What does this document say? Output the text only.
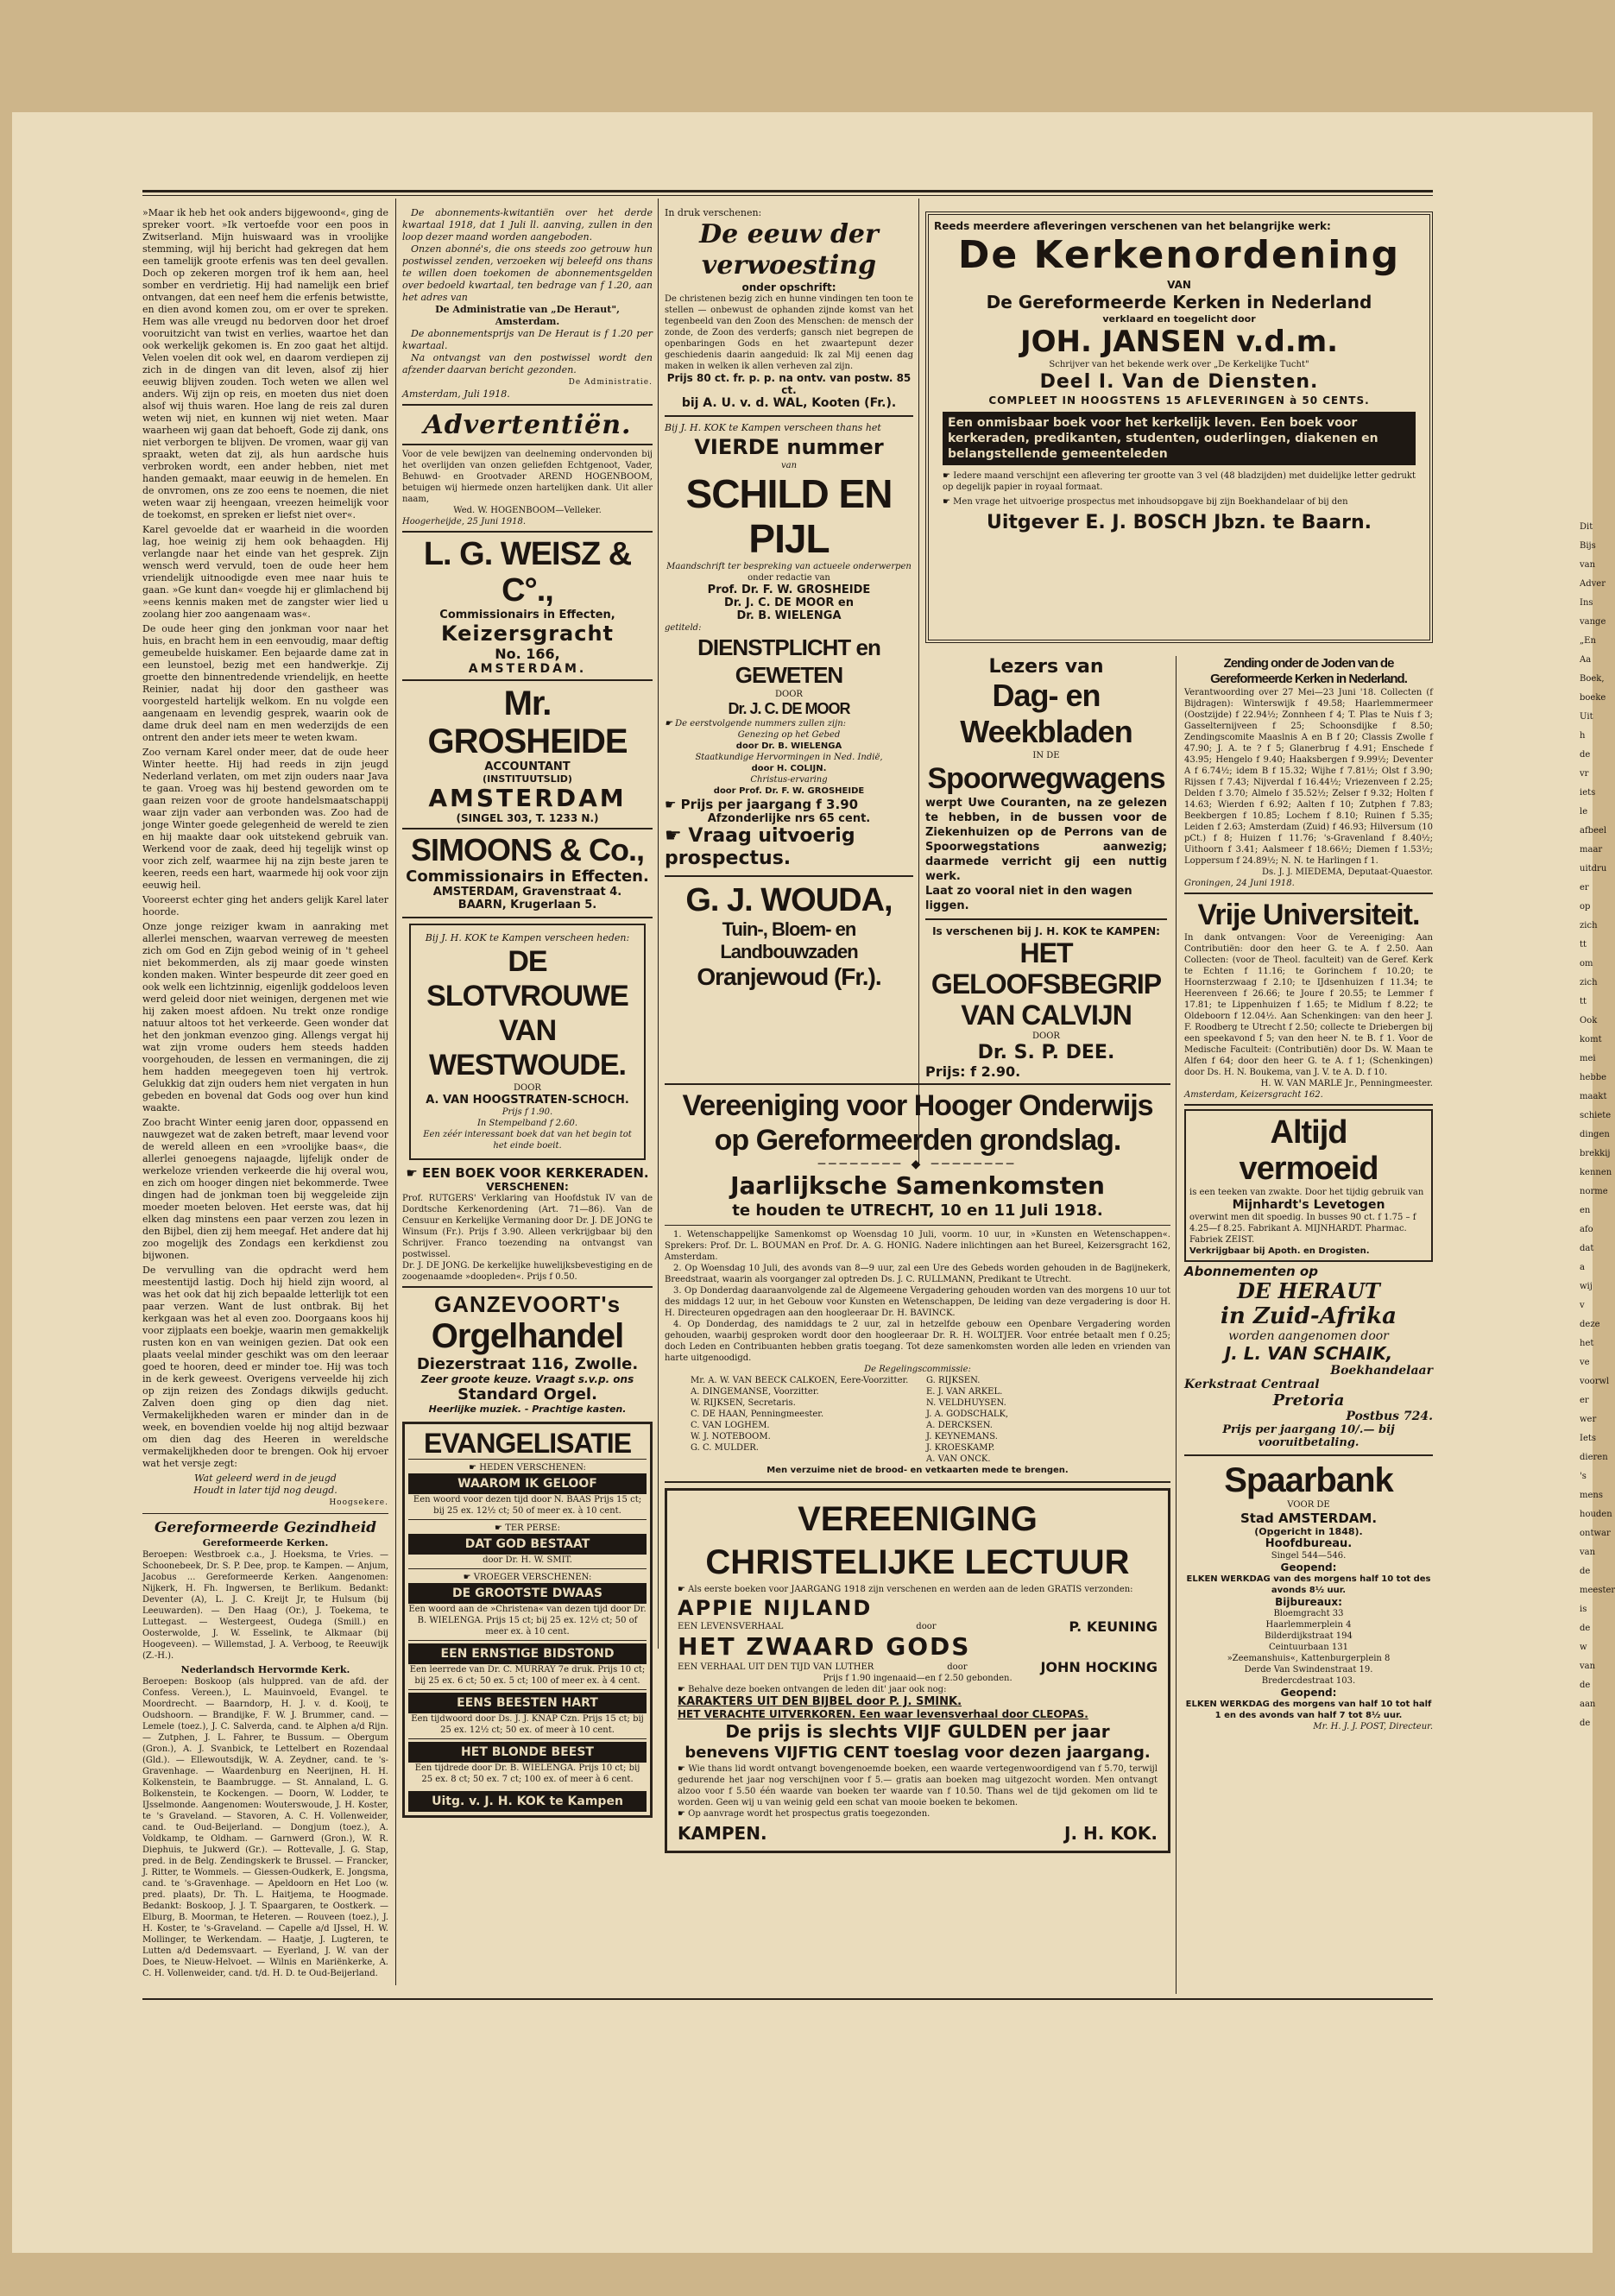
»Maar ik heb het ook anders bijgewoond«, ging de spreker voort. »Ik vertoefde voor een poos in Zwitserland. Mijn huiswaard was in vroolijke stemming, wijl hij bericht had gekregen dat hem een tamelijk groote erfenis was ten deel gevallen. Doch op zekeren morgen trof ik hem aan, heel somber en verdrietig. Hij had namelijk een brief ontvangen, dat een neef hem die erfenis betwistte, en dien avond komen zou, om er over te spreken. Hem was alle vreugd nu bedorven door het droef vooruitzicht van twist en verlies, waartoe het dan ook werkelijk gekomen is. En zoo gaat het altijd. Velen voelen dit ook wel, en daarom verdiepen zij zich in de dingen van dit leven, alsof zij hier eeuwig blijven zouden. Toch weten we allen wel anders. Wij zijn op reis, en moeten dus niet doen alsof wij thuis waren. Hoe lang de reis zal duren weten wij niet, en kunnen wij niet weten. Maar waarheen wij gaan dat behoeft, Gode zij dank, ons niet verborgen te blijven. De vromen, waar gij van spraakt, weten dat zij, als hun aardsche huis verbroken wordt, een ander hebben, niet met handen gemaakt, maar eeuwig in de hemelen. En de onvromen, ons ze zoo eens te noemen, die niet weten waar zij heengaan, vreezen heimelijk voor de toekomst, en spreken er liefst niet over«.

Karel gevoelde dat er waarheid in die woorden lag, hoe weinig zij hem ook behaagden. Hij verlangde naar het einde van het gesprek. Zijn wensch werd vervuld, toen de oude heer hem vriendelijk uitnoodigde even mee naar huis te gaan. »Ge kunt dan« voegde hij er glimlachend bij »eens kennis maken met de zangster wier lied u zoolang hier zoo aangenaam was«.

De oude heer ging den jonkman voor naar het huis, en bracht hem in een eenvoudig, maar deftig gemeubelde huiskamer. Een bejaarde dame zat in een leunstoel, bezig met een handwerkje. Zij groette den binnentredende vriendelijk, en heette Reinier, nadat hij door den gastheer was voorgesteld hartelijk welkom. En nu volgde een aangenaam en levendig gesprek, waarin ook de dame druk deel nam en men wederzijds de een ontrent den ander iets meer te weten kwam.

Zoo vernam Karel onder meer, dat de oude heer Winter heette. Hij had reeds in zijn jeugd Nederland verlaten, om met zijn ouders naar Java te gaan. Vroeg was hij bestend geworden om te gaan reizen voor de groote handelsmaatschappij waar zijn vader aan verbonden was. Zoo had de jonge Winter goede gelegenheid de wereld te zien en hij maakte daar ook uitstekend gebruik van. Werkend voor de zaak, deed hij tegelijk winst op voor zich zelf, waarmee hij na zijn beste jaren te keeren, reeds een hart, waarmede hij ook voor zijn eeuwig heil.

Vooreerst echter ging het anders gelijk Karel later hoorde.

Onze jonge reiziger kwam in aanraking met allerlei menschen, waarvan verreweg de meesten zich om God en Zijn gebod weinig of in 't geheel niet bekommerden, als zij maar goede winsten konden maken. Winter bespeurde dit zeer goed en ook welk een lichtzinnig, eigenlijk goddeloos leven werd geleid door niet weinigen, dergenen met wie hij zaken moest afdoen. Nu trekt onze rondige natuur altoos tot het verkeerde. Geen wonder dat het den jonkman evenzoo ging. Allengs vergat hij wat zijn vrome ouders hem steeds hadden voorgehouden, de lessen en vermaningen, die zij hem hadden meegegeven toen hij vertrok. Gelukkig dat zijn ouders hem niet vergaten in hun gebeden en bovenal dat Gods oog over hun kind waakte.

Zoo bracht Winter eenig jaren door, oppassend en nauwgezet wat de zaken betreft, maar levend voor de wereld alleen en een »vroolijke baas«, die allerlei genoegens najaagde, lijfelijk onder de werkeloze vrienden verkeerde die hij overal wou, en zich om hooger dingen niet bekommerde. Twee dingen had de jonkman toen bij weggeleide zijn moeder moeten beloven. Het eerste was, dat hij elken dag minstens een paar verzen zou lezen in den Bijbel, dien zij hem meegaf. Het andere dat hij zoo mogelijk des Zondags een kerkdienst zou bijwonen.

De vervulling van die opdracht werd hem meestentijd lastig. Doch hij hield zijn woord, al was het ook dat hij zich bepaalde letterlijk tot een paar verzen. Want de lust ontbrak. Bij het kerkgaan was het al even zoo. Doorgaans koos hij voor zijplaats een boekje, waarin men gemakkelijk rusten kon en van weinigen gezien. Dat ook een plaats veelal minder geschikt was om den leeraar goed te hooren, deed er minder toe. Hij was toch in de kerk geweest. Overigens verveelde hij zich op zijn reizen des Zondags dikwijls geducht. Zalven doen ging op dien dag niet. Vermakelijkheden waren er minder dan in de week, en bovendien voelde hij nog altijd bezwaar om dien dag des Heeren in wereldsche vermakelijkheden door te brengen. Ook hij ervoer wat het versje zegt:

Wat geleerd werd in de jeugd
Houdt in later tijd nog deugd.
Hoogsekere.
Gereformeerde Gezindheid
Gereformeerde Kerken.

Beroepen: Westbroek c.a., J. Hoeksma, te Vries. — Schoonebeek, Dr. S. P. Dee, prop. te Kampen. — Anjum, Jacobus ... Gereformeerde Kerken. Aangenomen: Nijkerk, H. Fh. Ingwersen, te Berlikum. Bedankt: Deventer (A), L. J. C. Kreijt Jr, te Hulsum (bij Leeuwarden). — Den Haag (Or.), J. Toekema, te Luttegast. — Westergeest, Oudega (Smill.) en Oosterwolde, J. W. Esselink, te Alkmaar (bij Hoogeveen). — Willemstad, J. A. Verboog, te Reeuwijk (Z.-H.).

Nederlandsch Hervormde Kerk.

Beroepen: Boskoop (als hulppred. van de afd. der Confess. Vereen.), L. Mauinvoeld, Evangel. te Moordrecht. — Baarndorp, H. J. v. d. Kooij, te Oudshoorn. — Brandijke, F. W. J. Brummer, cand. — Lemele (toez.), J. C. Salverda, cand. te Alphen a/d Rijn. — Zutphen, J. L. Fahrer, te Bussum. — Obergum (Gron.), A. J. Svanbick, te Lettelbert en Rozendaal (Gld.). — Ellewoutsdijk, W. A. Zeydner, cand. te 's-Gravenhage. — Waardenburg en Neerijnen, H. H. Kolkenstein, te Baambrugge. — St. Annaland, L. G. Bolkenstein, te Kockengen. — Doorn, W. Lodder, te IJsselmonde. Aangenomen: Wouterswoude, J. H. Koster, te 's Graveland. — Stavoren, A. C. H. Vollenweider, cand. te Oud-Beijerland. — Dongjum (toez.), A. Voldkamp, te Oldham. — Garnwerd (Gron.), W. R. Diephuis, te Jukwerd (Gr.). — Rottevalle, J. G. Stap, pred. in de Belg. Zendingskerk te Brussel. — Francker, J. Ritter, te Wommels. — Giessen-Oudkerk, E. Jongsma, cand. te 's-Gravenhage. — Apeldoorn en Het Loo (w. pred. plaats), Dr. Th. L. Haitjema, te Hoogmade. Bedankt: Boskoop, J. J. T. Spaargaren, te Oostkerk. — Elburg, B. Moorman, te Heteren. — Rouveen (toez.), J. H. Koster, te 's-Graveland. — Capelle a/d IJssel, H. W. Mollinger, te Werkendam. — Haatje, J. Lugteren, te Lutten a/d Dedemsvaart. — Eyerland, J. W. van der Does, te Nieuw-Helvoet. — Wilnis en Mariënkerke, A. C. H. Vollenweider, cand. t/d. H. D. te Oud-Beijerland.

De abonnements-kwitantiën over het derde kwartaal 1918, dat 1 Juli ll. aanving, zullen in den loop dezer maand worden aangeboden.
Onzen abonné's, die ons steeds zoo getrouw hun postwissel zenden, verzoeken wij beleefd ons thans te willen doen toekomen de abonnementsgelden over bedoeld kwartaal, ten bedrage van f 1.20, aan het adres van
De Administratie van „De Heraut", Amsterdam.
De abonnementsprijs van De Heraut is f 1.20 per kwartaal.
Na ontvangst van den postwissel wordt den afzender daarvan bericht gezonden.
De Administratie.
Amsterdam, Juli 1918.
Advertentiën.
Voor de vele bewijzen van deelneming ondervonden bij het overlijden van onzen geliefden Echtgenoot, Vader, Behuwd- en Grootvader AREND HOGENBOOM, betuigen wij hiermede onzen hartelijken dank. Uit aller naam,
Wed. W. HOGENBOOM—Velleker.
Hoogerheijde, 25 Juni 1918.
L. G. WEISZ & C°.,
Commissionairs in Effecten,
Keizersgracht
No. 166,
AMSTERDAM.
Mr. GROSHEIDE
ACCOUNTANT
(INSTITUUTSLID)
AMSTERDAM
(SINGEL 303, T. 1233 N.)
SIMOONS & Co.,
Commissionairs in Effecten.
AMSTERDAM, Gravenstraat 4.
BAARN, Krugerlaan 5.
Bij J. H. KOK te Kampen verscheen heden:
DE SLOTVROUWE
VAN WESTWOUDE.
DOOR
A. VAN HOOGSTRATEN-SCHOCH.
Prijs f 1.90.
In Stempelband f 2.60.
Een zéér interessant boek dat van het begin tot het einde boeit.
☛ EEN BOEK VOOR KERKERADEN.
VERSCHENEN:
Prof. RUTGERS' Verklaring van Hoofdstuk IV van de Dordtsche Kerkenordening (Art. 71—86). Van de Censuur en Kerkelijke Vermaning door Dr. J. DE JONG te Winsum (Fr.). Prijs f 3.90. Alleen verkrijgbaar bij den Schrijver. Franco toezending na ontvangst van postwissel.
Dr. J. DE JONG. De kerkelijke huwelijksbevestiging en de zoogenaamde »doopleden«. Prijs f 0.50.
GANZEVOORT's
Orgelhandel
Diezerstraat 116, Zwolle.
Zeer groote keuze. Vraagt s.v.p. ons
Standard Orgel.
Heerlijke muziek. - Prachtige kasten.
EVANGELISATIE
☛ HEDEN VERSCHENEN:
WAAROM IK GELOOF
Een woord voor dezen tijd door N. BAAS Prijs 15 ct; bij 25 ex. 12½ ct; 50 of meer ex. à 10 cent.
☛ TER PERSE:
DAT GOD BESTAAT
door Dr. H. W. SMIT.
☛ VROEGER VERSCHENEN:
DE GROOTSTE DWAAS
Een woord aan de »Christena« van dezen tijd door Dr. B. WIELENGA. Prijs 15 ct; bij 25 ex. 12½ ct; 50 of meer ex. à 10 cent.
EEN ERNSTIGE BIDSTOND
Een leerrede van Dr. C. MURRAY 7e druk. Prijs 10 ct; bij 25 ex. 6 ct; 50 ex. 5 ct; 100 of meer ex. à 4 cent.
EENS BEESTEN HART
Een tijdwoord door Ds. J. J. KNAP Czn. Prijs 15 ct; bij 25 ex. 12½ ct; 50 ex. of meer à 10 cent.
HET BLONDE BEEST
Een tijdrede door Dr. B. WIELENGA. Prijs 10 ct; bij 25 ex. 8 ct; 50 ex. 7 ct; 100 ex. of meer à 6 cent.
Uitg. v. J. H. KOK te Kampen
In druk verschenen:
De eeuw der verwoesting
onder opschrift:
De christenen bezig zich en hunne vindingen ten toon te stellen — onbewust de ophanden zijnde komst van het tegenbeeld van den Zoon des Menschen: de mensch der zonde, de Zoon des verderfs; gansch niet begrepen de openbaringen Gods en het zwaartepunt dezer geschiedenis daarin aangeduid: Ik zal Mij eenen dag maken in welken ik allen verheven zal zijn.
Prijs 80 ct. fr. p. p. na ontv. van postw. 85 ct.
bij A. U. v. d. WAL, Kooten (Fr.).
Bij J. H. KOK te Kampen verscheen thans het
VIERDE nummer
van
SCHILD EN PIJL
Maandschrift ter bespreking van actueele onderwerpen
onder redactie van
Prof. Dr. F. W. GROSHEIDE
Dr. J. C. DE MOOR en
Dr. B. WIELENGA
getiteld:
DIENSTPLICHT en GEWETEN
DOOR
Dr. J. C. DE MOOR
☛ De eerstvolgende nummers zullen zijn:
Genezing op het Gebed
door Dr. B. WIELENGA
Staatkundige Hervormingen in Ned. Indië,
door H. COLIJN.
Christus-ervaring
door Prof. Dr. F. W. GROSHEIDE
☛ Prijs per jaargang f 3.90
Afzonderlijke nrs 65 cent.
☛ Vraag uitvoerig prospectus.
G. J. WOUDA,
Tuin-, Bloem- en Landbouwzaden
Oranjewoud (Fr.).
Reeds meerdere afleveringen verschenen van het belangrijke werk:
De Kerkenordening
VAN
De Gereformeerde Kerken in Nederland
verklaard en toegelicht door
JOH. JANSEN v.d.m.
Schrijver van het bekende werk over „De Kerkelijke Tucht"
Deel I. Van de Diensten.
COMPLEET IN HOOGSTENS 15 AFLEVERINGEN à 50 CENTS.
Een onmisbaar boek voor het kerkelijk leven. Een boek voor kerkeraden, predikanten, studenten, ouderlingen, diakenen en belangstellende gemeenteleden
☛ Iedere maand verschijnt een aflevering ter grootte van 3 vel (48 bladzijden) met duidelijke letter gedrukt op degelijk papier in royaal formaat.
☛ Men vrage het uitvoerige prospectus met inhoudsopgave bij zijn Boekhandelaar of bij den
Uitgever E. J. BOSCH Jbzn. te Baarn.
Lezers van
Dag- en Weekbladen
IN DE
Spoorwegwagens
werpt Uwe Couranten, na ze gelezen te hebben, in de bussen voor de Ziekenhuizen op de Perrons van de Spoorwegstations aanwezig; daarmede verricht gij een nuttig werk.
Laat zo vooral niet in den wagen liggen.
Is verschenen bij J. H. KOK te KAMPEN:
HET GELOOFSBEGRIP
VAN CALVIJN
DOOR
Dr. S. P. DEE.
Prijs: f 2.90.
Zending onder de Joden van de Gereformeerde Kerken in Nederland.
Verantwoording over 27 Mei—23 Juni '18. Collecten (f Bijdragen): Winterswijk f 49.58; Haarlemmermeer (Oostzijde) f 22.94½; Zonnheen f 4; T. Plas te Nuis f 3; Gasselternijveen f 25; Schoonsdijke f 8.50; Zendingscomite Maaslnis A en B f 20; Classis Zwolle f 47.90; J. A. te ? f 5; Glanerbrug f 4.91; Enschede f 43.95; Hengelo f 9.40; Haaksbergen f 9.99½; Deventer A f 6.74½; idem B f 15.32; Wijhe f 7.81½; Olst f 3.90; Rijssen f 7.43; Nijverdal f 16.44½; Vriezenveen f 2.25; Delden f 3.70; Almelo f 35.52½; Zelser f 9.32; Holten f 14.63; Wierden f 6.92; Aalten f 10; Zutphen f 7.83; Beekbergen f 10.85; Lochem f 8.10; Ruinen f 5.35; Leiden f 2.63; Amsterdam (Zuid) f 46.93; Hilversum (10 pCt.) f 8; Huizen f 11.76; 's-Gravenland f 8.40½; Uithoorn f 3.41; Aalsmeer f 18.66½; Diemen f 1.53½; Loppersum f 24.89½; N. N. te Harlingen f 1.
Ds. J. J. MIEDEMA, Deputaat-Quaestor.
Groningen, 24 Juni 1918.
Vrije Universiteit.
In dank ontvangen: Voor de Vereeniging: Aan Contributiën: door den heer G. te A. f 2.50. Aan Collecten: (voor de Theol. faculteit) van de Geref. Kerk te Echten f 11.16; te Gorinchem f 10.20; te Hoornsterzwaag f 2.10; te IJdsenhuizen f 11.34; te Heerenveen f 26.66; te Joure f 20.55; te Lemmer f 17.81; te Lippenhuizen f 1.65; te Midlum f 8.22; te Oldeboorn f 12.04½. Aan Schenkingen: van den heer J. F. Roodberg te Utrecht f 2.50; collecte te Driebergen bij een speekavond f 5; van den heer N. te B. f 1. Voor de Medische Faculteit: (Contributiën) door Ds. W. Maan te Alfen f 64; door den heer G. te A. f 1; (Schenkingen) door Ds. H. N. Boukema, van J. V. te A. D. f 10.
H. W. VAN MARLE Jr., Penningmeester.
Amsterdam, Keizersgracht 162.
Altijd
vermoeid
is een teeken van zwakte. Door het tijdig gebruik van
Mijnhardt's Levetogen
overwint men dit spoedig. In busses 90 ct. f 1.75 – f 4.25—f 8.25. Fabrikant A. MIJNHARDT. Pharmac. Fabriek ZEIST.
Verkrijgbaar bij Apoth. en Drogisten.
Abonnementen op
DE HERAUT
in Zuid-Afrika
worden aangenomen door
J. L. VAN SCHAIK,
Boekhandelaar
Kerkstraat Centraal
Pretoria
Postbus 724.
Prijs per jaargang 10/.— bij vooruitbetaling.
Spaarbank
VOOR DE
Stad AMSTERDAM.
(Opgericht in 1848).
Hoofdbureau.
Singel 544—546.
Geopend:
ELKEN WERKDAG van des morgens half 10 tot des avonds 8½ uur.
Bijbureaux:
Bloemgracht 33
Haarlemmerplein 4
Bilderdijkstraat 194
Ceintuurbaan 131
»Zeemanshuis«, Kattenburgerplein 8
Derde Van Swindenstraat 19.
Bredercdestraat 103.
Geopend:
ELKEN WERKDAG des morgens van half 10 tot half 1 en des avonds van half 7 tot 8½ uur.
Mr. H. J. J. POST, Directeur.
Vereeniging voor Hooger Onderwijs
op Gereformeerden grondslag.
──────── ◆ ────────
Jaarlijksche Samenkomsten
te houden te UTRECHT, 10 en 11 Juli 1918.
1. Wetenschappelijke Samenkomst op Woensdag 10 Juli, voorm. 10 uur, in »Kunsten en Wetenschappen«. Sprekers: Prof. Dr. L. BOUMAN en Prof. Dr. A. G. HONIG. Nadere inlichtingen aan het Bureel, Keizersgracht 162, Amsterdam.
2. Op Woensdag 10 Juli, des avonds van 8—9 uur, zal een Ure des Gebeds worden gehouden in de Bagijnekerk, Breedstraat, waarin als voorganger zal optreden Ds. J. C. RULLMANN, Predikant te Utrecht.
3. Op Donderdag daaraanvolgende zal de Algemeene Vergadering gehouden worden van des morgens 10 uur tot des middags 12 uur, in het Gebouw voor Kunsten en Wetenschappen, De leiding van deze vergadering is door H. H. Directeuren opgedragen aan den hoogleeraar Dr. H. BAVINCK.
4. Op Donderdag, des namiddags te 2 uur, zal in hetzelfde gebouw een Openbare Vergadering worden gehouden, waarbij gesproken wordt door den hoogleeraar Dr. R. H. WOLTJER. Voor entrée betaalt men f 0.25; doch Leden en Contribuanten hebben gratis toegang. Tot deze samenkomsten worden alle leden en vrienden van harte uitgenoodigd.
De Regelingscommissie:
Mr. A. W. VAN BEECK CALKOEN, Eere-Voorzitter.
A. DINGEMANSE, Voorzitter.
W. RIJKSEN, Secretaris.
C. DE HAAN, Penningmeester.
C. VAN LOGHEM.
W. J. NOTEBOOM.
G. C. MULDER.
G. RIJKSEN.
E. J. VAN ARKEL.
N. VELDHUYSEN.
J. A. GODSCHALK,
A. DERCKSEN.
J. KEYNEMANS.
J. KROESKAMP.
A. VAN ONCK.
Men verzuime niet de brood- en vetkaarten mede te brengen.
VEREENIGING CHRISTELIJKE LECTUUR
☛ Als eerste boeken voor JAARGANG 1918 zijn verschenen en werden aan de leden GRATIS verzonden:
APPIE NIJLAND
EEN LEVENSVERHAAL	door	P. KEUNING
HET ZWAARD GODS
EEN VERHAAL UIT DEN TIJD VAN LUTHER	door	JOHN HOCKING
Prijs f 1.90 ingenaaid—en f 2.50 gebonden.
☛ Behalve deze boeken ontvangen de leden dit' jaar ook nog:
KARAKTERS UIT DEN BIJBEL door P. J. SMINK.
HET VERACHTE UITVERKOREN. Een waar levensverhaal door CLEOPAS.
De prijs is slechts VIJF GULDEN per jaar
benevens VIJFTIG CENT toeslag voor dezen jaargang.
☛ Wie thans lid wordt ontvangt bovengenoemde boeken, een waarde vertegenwoordigend van f 5.70, terwijl gedurende het jaar nog verschijnen voor f 5.— gratis aan boeken mag uitgezocht worden. Men ontvangt alzoo voor f 5.50 één waarde van boeken ter waarde van f 10.50. Thans wel de tijd gekomen om lid te worden. Geen wij u van weinig geld een schat van mooie boeken te bekomen.
☛ Op aanvrage wordt het prospectus gratis toegezonden.
KAMPEN.	J. H. KOK.
Dit
Bijs
van
Adver
Ins
vange
„En
Aa
Boek,
boeke
Uit h
de vr
iets le
afbeel
maar
uitdru
er op
zich tt
om
zich tt
Ook
komt
mei
hebbe
maakt
schiete
dingen
brekkij
kennen
norme
en afo
dat a
wij v
deze
het ve
voorwl
er wer
Iets
dieren
's mens
houden
ontwar
van de
meester
is de w
van de
aan de
